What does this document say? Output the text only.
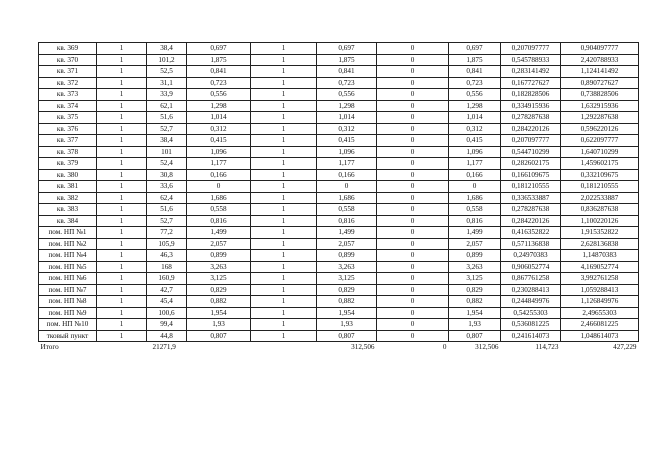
кв. 369	1	38,4	0,697	1	0,697	0	0,697	0,207097777	0,904097777
кв. 370	1	101,2	1,875	1	1,875	0	1,875	0,545788933	2,420788933
кв. 371	1	52,5	0,841	1	0,841	0	0,841	0,283141492	1,124141492
кв. 372	1	31,1	0,723	1	0,723	0	0,723	0,167727627	0,890727627
кв. 373	1	33,9	0,556	1	0,556	0	0,556	0,182828506	0,738828506
кв. 374	1	62,1	1,298	1	1,298	0	1,298	0,334915936	1,632915936
кв. 375	1	51,6	1,014	1	1,014	0	1,014	0,278287638	1,292287638
кв. 376	1	52,7	0,312	1	0,312	0	0,312	0,284220126	0,596220126
кв. 377	1	38,4	0,415	1	0,415	0	0,415	0,207097777	0,622097777
кв. 378	1	101	1,096	1	1,096	0	1,096	0,544710299	1,640710299
кв. 379	1	52,4	1,177	1	1,177	0	1,177	0,282602175	1,459602175
кв. 380	1	30,8	0,166	1	0,166	0	0,166	0,166109675	0,332109675
кв. 381	1	33,6	0	1	0	0	0	0,181210555	0,181210555
кв. 382	1	62,4	1,686	1	1,686	0	1,686	0,336533887	2,022533887
кв. 383	1	51,6	0,558	1	0,558	0	0,558	0,278287638	0,836287638
кв. 384	1	52,7	0,816	1	0,816	0	0,816	0,284220126	1,100220126
пом. НП №1	1	77,2	1,499	1	1,499	0	1,499	0,416352822	1,915352822
пом. НП №2	1	105,9	2,057	1	2,057	0	2,057	0,571136838	2,628136838
пом. НП №4	1	46,3	0,899	1	0,899	0	0,899	0,24970383	1,14870383
пом. НП №5	1	168	3,263	1	3,263	0	3,263	0,906052774	4,169052774
пом. НП №6	1	160,9	3,125	1	3,125	0	3,125	0,867761258	3,992761258
пом. НП №7	1	42,7	0,829	1	0,829	0	0,829	0,230288413	1,059288413
пом. НП №8	1	45,4	0,882	1	0,882	0	0,882	0,244849976	1,126849976
пом. НП №9	1	100,6	1,954	1	1,954	0	1,954	0,54255303	2,49655303
пом. НП №10	1	99,4	1,93	1	1,93	0	1,93	0,536081225	2,466081225
тковый пункт	1	44,8	0,807	1	0,807	0	0,807	0,241614073	1,048614073
Итого		21271,9			312,506	0	312,506	114,723	427,229
